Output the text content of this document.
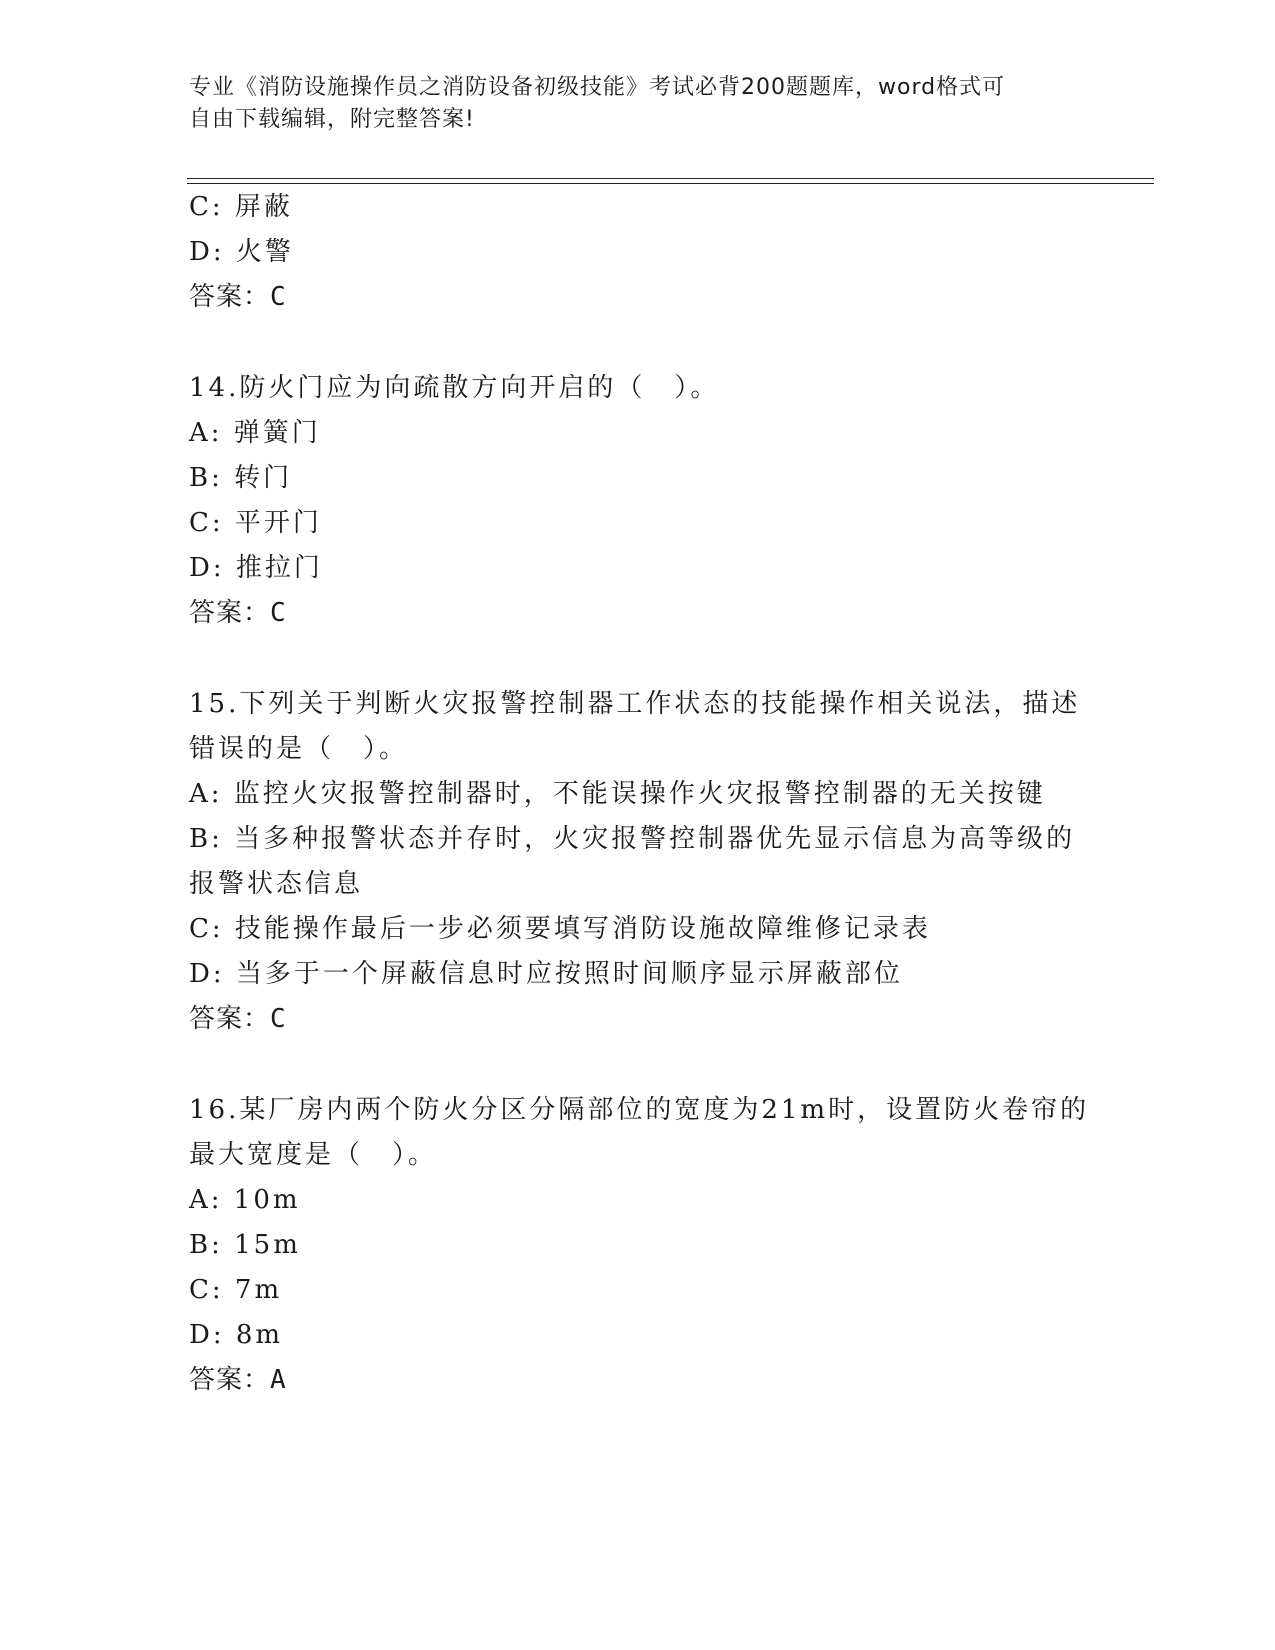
专业《消防设施操作员之消防设备初级技能》考试必背200题题库，word格式可
自由下载编辑，附完整答案!
C: 屏蔽
D: 火警
答案：C
14.防火门应为向疏散方向开启的（　）。
A: 弹簧门
B: 转门
C: 平开门
D: 推拉门
答案：C
15.下列关于判断火灾报警控制器工作状态的技能操作相关说法，描述
错误的是（　）。
A: 监控火灾报警控制器时，不能误操作火灾报警控制器的无关按键
B: 当多种报警状态并存时，火灾报警控制器优先显示信息为高等级的
报警状态信息
C: 技能操作最后一步必须要填写消防设施故障维修记录表
D: 当多于一个屏蔽信息时应按照时间顺序显示屏蔽部位
答案：C
16.某厂房内两个防火分区分隔部位的宽度为21m时，设置防火卷帘的
最大宽度是（　）。
A: 10m
B: 15m
C: 7m
D: 8m
答案：A
